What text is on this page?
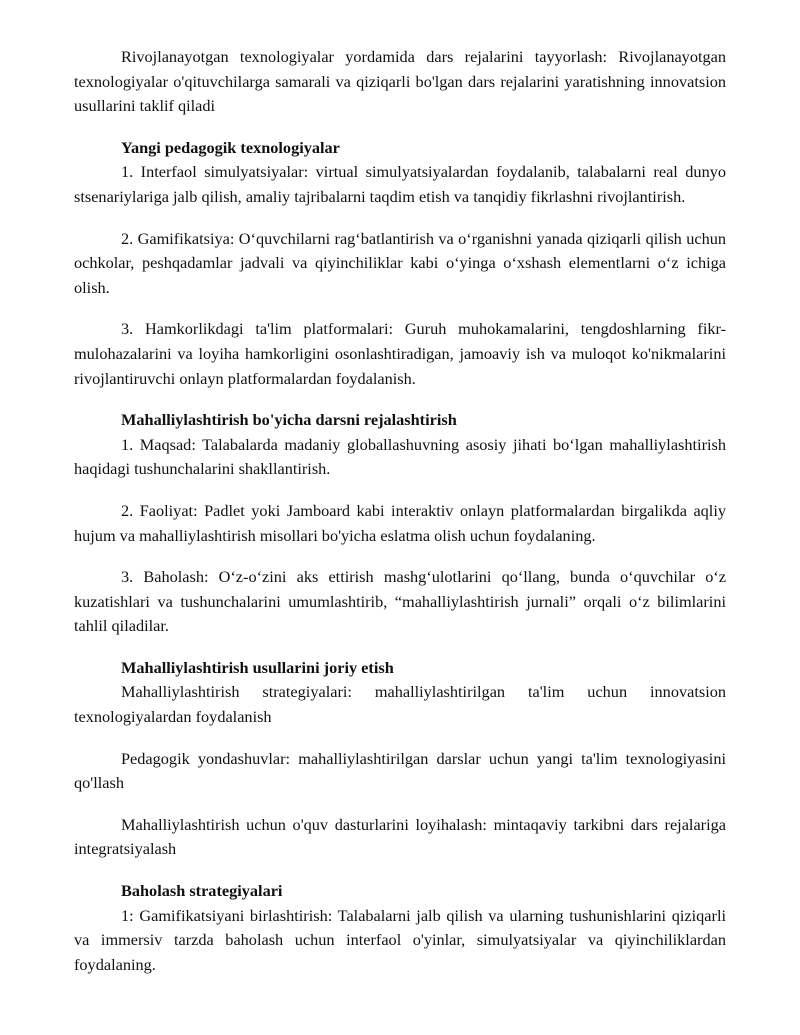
Rivojlanayotgan texnologiyalar yordamida dars rejalarini tayyorlash: Rivojlanayotgan texnologiyalar o'qituvchilarga samarali va qiziqarli bo'lgan dars rejalarini yaratishning innovatsion usullarini taklif qiladi

Yangi pedagogik texnologiyalar

1. Interfaol simulyatsiyalar: virtual simulyatsiyalardan foydalanib, talabalarni real dunyo stsenariylariga jalb qilish, amaliy tajribalarni taqdim etish va tanqidiy fikrlashni rivojlantirish.

2. Gamifikatsiya: O‘quvchilarni rag‘batlantirish va o‘rganishni yanada qiziqarli qilish uchun ochkolar, peshqadamlar jadvali va qiyinchiliklar kabi o‘yinga o‘xshash elementlarni o‘z ichiga olish.

3. Hamkorlikdagi ta'lim platformalari: Guruh muhokamalarini, tengdoshlarning fikr-mulohazalarini va loyiha hamkorligini osonlashtiradigan, jamoaviy ish va muloqot ko'nikmalarini rivojlantiruvchi onlayn platformalardan foydalanish.

Mahalliylashtirish bo'yicha darsni rejalashtirish

1. Maqsad: Talabalarda madaniy globallashuvning asosiy jihati bo‘lgan mahalliylashtirish haqidagi tushunchalarini shakllantirish.

2. Faoliyat: Padlet yoki Jamboard kabi interaktiv onlayn platformalardan birgalikda aqliy hujum va mahalliylashtirish misollari bo'yicha eslatma olish uchun foydalaning.

3. Baholash: O‘z-o‘zini aks ettirish mashg‘ulotlarini qo‘llang, bunda o‘quvchilar o‘z kuzatishlari va tushunchalarini umumlashtirib, “mahalliylashtirish jurnali” orqali o‘z bilimlarini tahlil qiladilar.

Mahalliylashtirish usullarini joriy etish

Mahalliylashtirish strategiyalari: mahalliylashtirilgan ta'lim uchun innovatsion texnologiyalardan foydalanish

Pedagogik yondashuvlar: mahalliylashtirilgan darslar uchun yangi ta'lim texnologiyasini qo'llash

Mahalliylashtirish uchun o'quv dasturlarini loyihalash: mintaqaviy tarkibni dars rejalariga integratsiyalash

Baholash strategiyalari

1: Gamifikatsiyani birlashtirish: Talabalarni jalb qilish va ularning tushunishlarini qiziqarli va immersiv tarzda baholash uchun interfaol o'yinlar, simulyatsiyalar va qiyinchiliklardan foydalaning.
